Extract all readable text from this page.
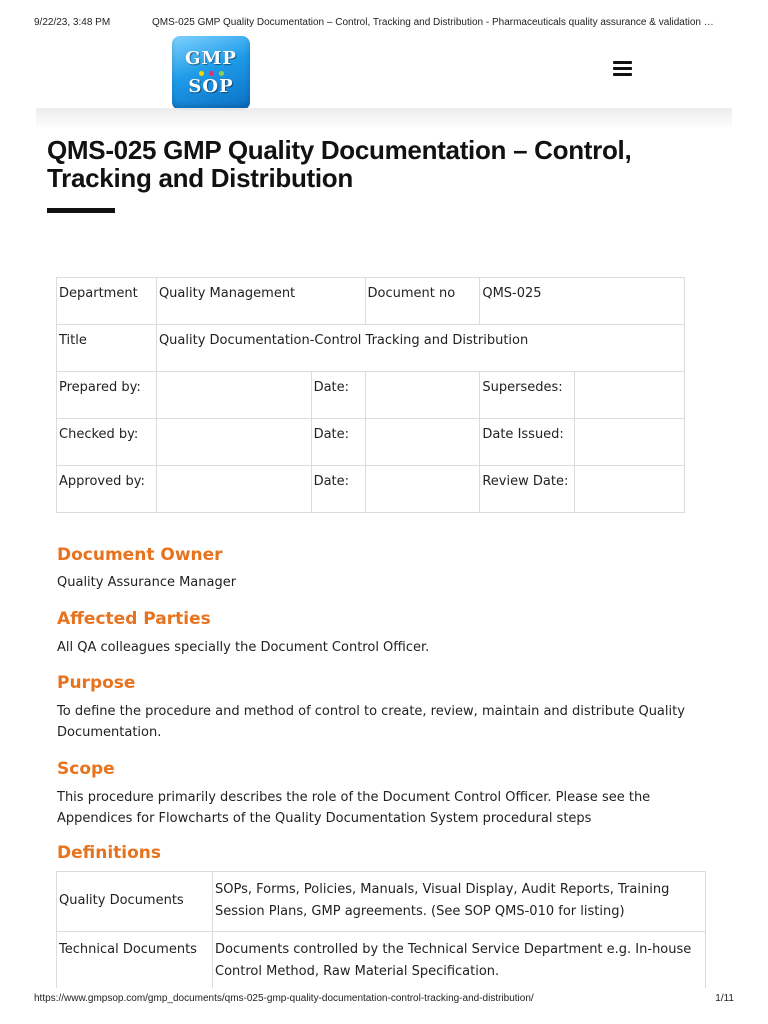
9/22/23, 3:48 PM	QMS-025 GMP Quality Documentation – Control, Tracking and Distribution - Pharmaceuticals quality assurance & validation …
GMP
SOP
QMS-025 GMP Quality Documentation – Control, Tracking and Distribution
Department	Quality Management		Document no	QMS-025	
Title	Quality Documentation-Control Tracking and Distribution				
Prepared by:		Date:		Supersedes:	
Checked by:		Date:		Date Issued:	
Approved by:		Date:		Review Date:	
Document Owner

Quality Assurance Manager

Affected Parties

All QA colleagues specially the Document Control Officer.

Purpose

To define the procedure and method of control to create, review, maintain and distribute Quality Documentation.

Scope

This procedure primarily describes the role of the Document Control Officer. Please see the Appendices for Flowcharts of the Quality Documentation System procedural steps

Definitions
Quality Documents	SOPs, Forms, Policies, Manuals, Visual Display, Audit Reports, Training Session Plans, GMP agreements. (See SOP QMS-010 for listing)
Technical Documents	Documents controlled by the Technical Service Department e.g. In-house Control Method, Raw Material Specification.
https://www.gmpsop.com/gmp_documents/qms-025-gmp-quality-documentation-control-tracking-and-distribution/	1/11
